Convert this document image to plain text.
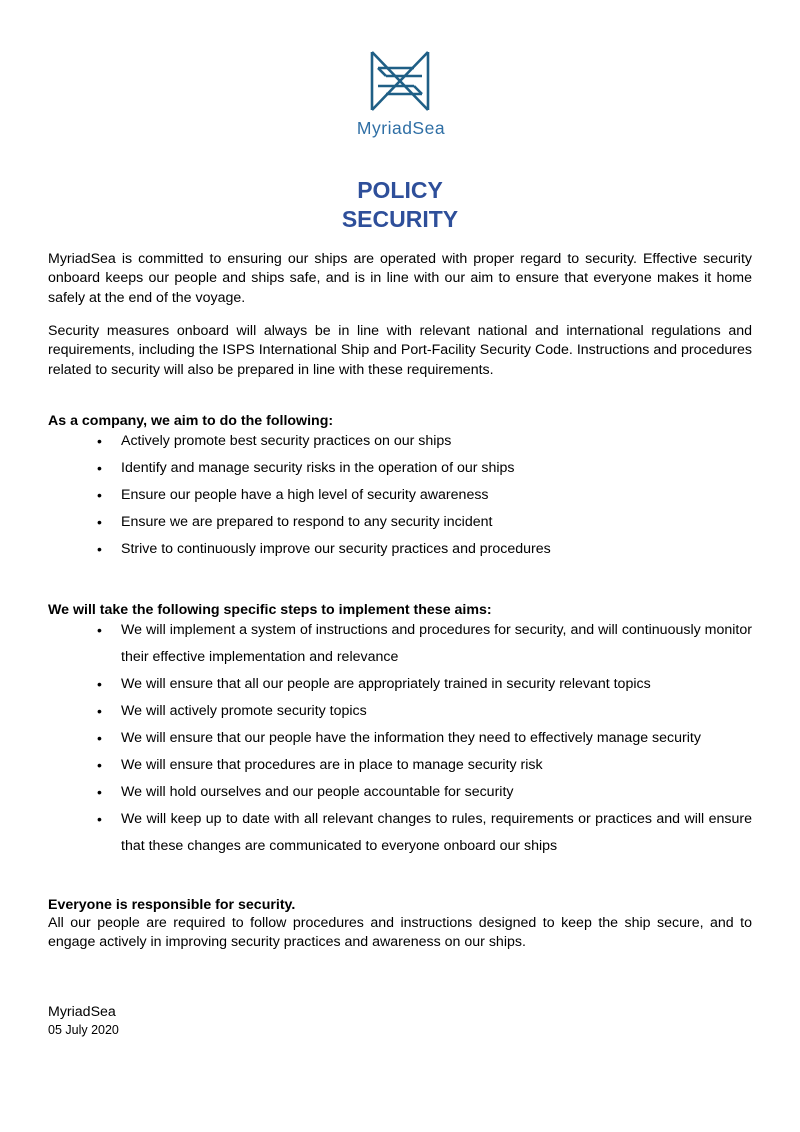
MyriadSea
POLICY
SECURITY

MyriadSea is committed to ensuring our ships are operated with proper regard to security. Effective security onboard keeps our people and ships safe, and is in line with our aim to ensure that everyone makes it home safely at the end of the voyage.

Security measures onboard will always be in line with relevant national and international regulations and requirements, including the ISPS International Ship and Port-Facility Security Code. Instructions and procedures related to security will also be prepared in line with these requirements.

As a company, we aim to do the following:
• Actively promote best security practices on our ships
• Identify and manage security risks in the operation of our ships
• Ensure our people have a high level of security awareness
• Ensure we are prepared to respond to any security incident
• Strive to continuously improve our security practices and procedures
We will take the following specific steps to implement these aims:
• We will implement a system of instructions and procedures for security, and will continuously monitor their effective implementation and relevance
• We will ensure that all our people are appropriately trained in security relevant topics
• We will actively promote security topics
• We will ensure that our people have the information they need to effectively manage security
• We will ensure that procedures are in place to manage security risk
• We will hold ourselves and our people accountable for security
• We will keep up to date with all relevant changes to rules, requirements or practices and will ensure that these changes are communicated to everyone onboard our ships
Everyone is responsible for security.

All our people are required to follow procedures and instructions designed to keep the ship secure, and to engage actively in improving security practices and awareness on our ships.

MyriadSea
05 July 2020
